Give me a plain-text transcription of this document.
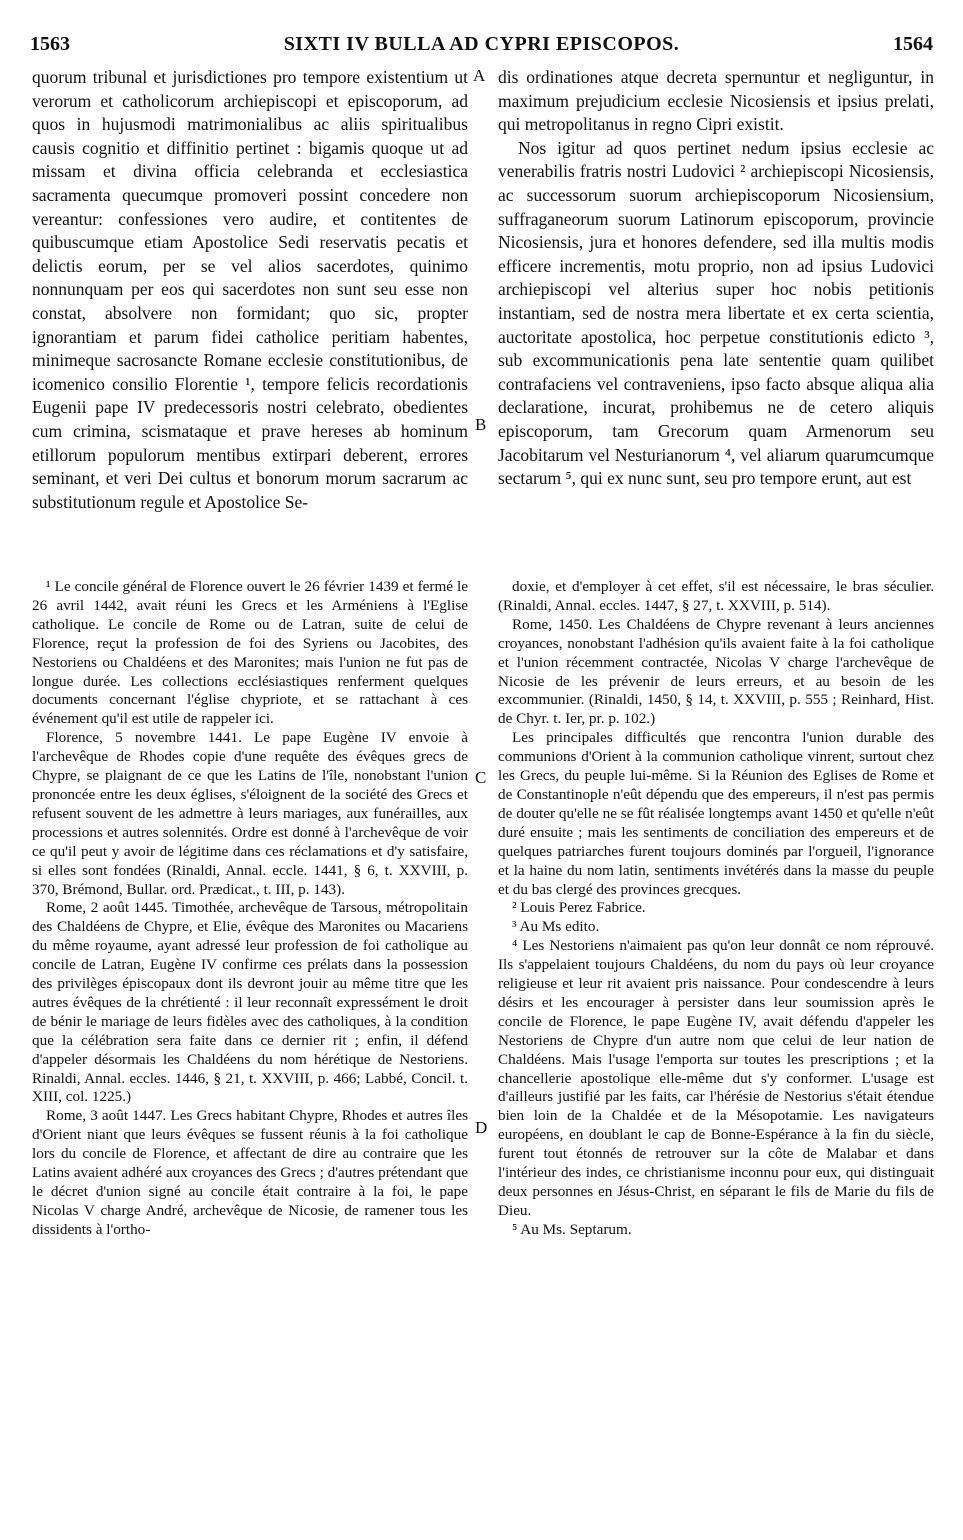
1563	SIXTI IV BULLA AD CYPRI EPISCOPOS.	1564
A
B
C
D

quorum tribunal et jurisdictiones pro tempore existentium ut verorum et catholicorum archiepiscopi et episcoporum, ad quos in hujusmodi matrimonialibus ac aliis spiritualibus causis cognitio et diffinitio pertinet : bigamis quoque ut ad missam et divina officia celebranda et ecclesiastica sacramenta quecumque promoveri possint concedere non vereantur: confessiones vero audire, et contitentes de quibuscumque etiam Apostolice Sedi reservatis pecatis et delictis eorum, per se vel alios sacerdotes, quinimo nonnunquam per eos qui sacerdotes non sunt seu esse non constat, absolvere non formidant; quo sic, propter ignorantiam et parum fidei catholice peritiam habentes, minimeque sacrosancte Romane ecclesie constitutionibus, de icomenico consilio Florentie ¹, tempore felicis recordationis Eugenii pape IV predecessoris nostri celebrato, obedientes cum crimina, scismataque et prave hereses ab hominum etillorum populorum mentibus extirpari deberent, errores seminant, et veri Dei cultus et bonorum morum sacrarum ac substitutionum regule et Apostolice Se-

dis ordinationes atque decreta spernuntur et negliguntur, in maximum prejudicium ecclesie Nicosiensis et ipsius prelati, qui metropolitanus in regno Cipri existit.

Nos igitur ad quos pertinet nedum ipsius ecclesie ac venerabilis fratris nostri Ludovici ² archiepiscopi Nicosiensis, ac successorum suorum archiepiscoporum Nicosiensium, suffraganeorum suorum Latinorum episcoporum, provincie Nicosiensis, jura et honores defendere, sed illa multis modis efficere incrementis, motu proprio, non ad ipsius Ludovici archiepiscopi vel alterius super hoc nobis petitionis instantiam, sed de nostra mera libertate et ex certa scientia, auctoritate apostolica, hoc perpetue constitutionis edicto ³, sub excommunicationis pena late sententie quam quilibet contrafaciens vel contraveniens, ipso facto absque aliqua alia declaratione, incurat, prohibemus ne de cetero aliquis episcoporum, tam Grecorum quam Armenorum seu Jacobitarum vel Nesturianorum ⁴, vel aliarum quarumcumque sectarum ⁵, qui ex nunc sunt, seu pro tempore erunt, aut est

¹ Le concile général de Florence ouvert le 26 février 1439 et fermé le 26 avril 1442, avait réuni les Grecs et les Arméniens à l'Eglise catholique. Le concile de Rome ou de Latran, suite de celui de Florence, reçut la profession de foi des Syriens ou Jacobites, des Nestoriens ou Chaldéens et des Maronites; mais l'union ne fut pas de longue durée. Les collections ecclésiastiques renferment quelques documents concernant l'église chypriote, et se rattachant à ces événement qu'il est utile de rappeler ici.

Florence, 5 novembre 1441. Le pape Eugène IV envoie à l'archevêque de Rhodes copie d'une requête des évêques grecs de Chypre, se plaignant de ce que les Latins de l'île, nonobstant l'union prononcée entre les deux églises, s'éloignent de la société des Grecs et refusent souvent de les admettre à leurs mariages, aux funérailles, aux processions et autres solennités. Ordre est donné à l'archevêque de voir ce qu'il peut y avoir de légitime dans ces réclamations et d'y satisfaire, si elles sont fondées (Rinaldi, Annal. eccle. 1441, § 6, t. XXVIII, p. 370, Brémond, Bullar. ord. Prædicat., t. III, p. 143).

Rome, 2 août 1445. Timothée, archevêque de Tarsous, métropolitain des Chaldéens de Chypre, et Elie, évêque des Maronites ou Macariens du même royaume, ayant adressé leur profession de foi catholique au concile de Latran, Eugène IV confirme ces prélats dans la possession des privilèges épiscopaux dont ils devront jouir au même titre que les autres évêques de la chrétienté : il leur reconnaît expressément le droit de bénir le mariage de leurs fidèles avec des catholiques, à la condition que la célébration sera faite dans ce dernier rit ; enfin, il défend d'appeler désormais les Chaldéens du nom hérétique de Nestoriens. Rinaldi, Annal. eccles. 1446, § 21, t. XXVIII, p. 466; Labbé, Concil. t. XIII, col. 1225.)

Rome, 3 août 1447. Les Grecs habitant Chypre, Rhodes et autres îles d'Orient niant que leurs évêques se fussent réunis à la foi catholique lors du concile de Florence, et affectant de dire au contraire que les Latins avaient adhéré aux croyances des Grecs ; d'autres prétendant que le décret d'union signé au concile était contraire à la foi, le pape Nicolas V charge André, archevêque de Nicosie, de ramener tous les dissidents à l'ortho-

doxie, et d'employer à cet effet, s'il est nécessaire, le bras séculier. (Rinaldi, Annal. eccles. 1447, § 27, t. XXVIII, p. 514).

Rome, 1450. Les Chaldéens de Chypre revenant à leurs anciennes croyances, nonobstant l'adhésion qu'ils avaient faite à la foi catholique et l'union récemment contractée, Nicolas V charge l'archevêque de Nicosie de les prévenir de leurs erreurs, et au besoin de les excommunier. (Rinaldi, 1450, § 14, t. XXVIII, p. 555 ; Reinhard, Hist. de Chyr. t. Ier, pr. p. 102.)

Les principales difficultés que rencontra l'union durable des communions d'Orient à la communion catholique vinrent, surtout chez les Grecs, du peuple lui-même. Si la Réunion des Eglises de Rome et de Constantinople n'eût dépendu que des empereurs, il n'est pas permis de douter qu'elle ne se fût réalisée longtemps avant 1450 et qu'elle n'eût duré ensuite ; mais les sentiments de conciliation des empereurs et de quelques patriarches furent toujours dominés par l'orgueil, l'ignorance et la haine du nom latin, sentiments invétérés dans la masse du peuple et du bas clergé des provinces grecques.

² Louis Perez Fabrice.

³ Au Ms edito.

⁴ Les Nestoriens n'aimaient pas qu'on leur donnât ce nom réprouvé. Ils s'appelaient toujours Chaldéens, du nom du pays où leur croyance religieuse et leur rit avaient pris naissance. Pour condescendre à leurs désirs et les encourager à persister dans leur soumission après le concile de Florence, le pape Eugène IV, avait défendu d'appeler les Nestoriens de Chypre d'un autre nom que celui de leur nation de Chaldéens. Mais l'usage l'emporta sur toutes les prescriptions ; et la chancellerie apostolique elle-même dut s'y conformer. L'usage est d'ailleurs justifié par les faits, car l'hérésie de Nestorius s'était étendue bien loin de la Chaldée et de la Mésopotamie. Les navigateurs européens, en doublant le cap de Bonne-Espérance à la fin du siècle, furent tout étonnés de retrouver sur la côte de Malabar et dans l'intérieur des indes, ce christianisme inconnu pour eux, qui distinguait deux personnes en Jésus-Christ, en séparant le fils de Marie du fils de Dieu.

⁵ Au Ms. Septarum.
